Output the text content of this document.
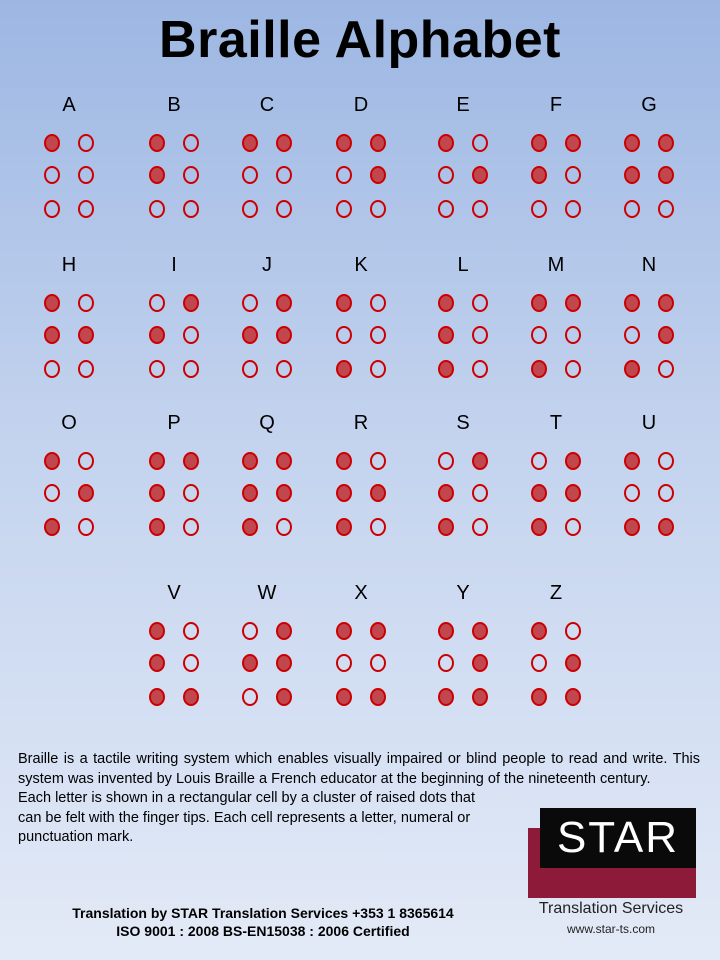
Braille Alphabet
A	B	C	D	E	F	G
H	I	J	K	L	M	N
O	P	Q	R	S	T	U
V	W	X	Y	Z

Braille is a tactile writing system which enables visually impaired or blind people to read and write. This system was invented by Louis Braille a French educator at the beginning of the nineteenth century.

Each letter is shown in a rectangular cell by a cluster of raised dots that can be felt with the finger tips. Each cell represents a letter, numeral or punctuation mark.

Translation by STAR Translation Services +353 1 8365614
ISO 9001 : 2008 BS-EN15038 : 2006 Certified
STAR
Translation Services
www.star-ts.com
